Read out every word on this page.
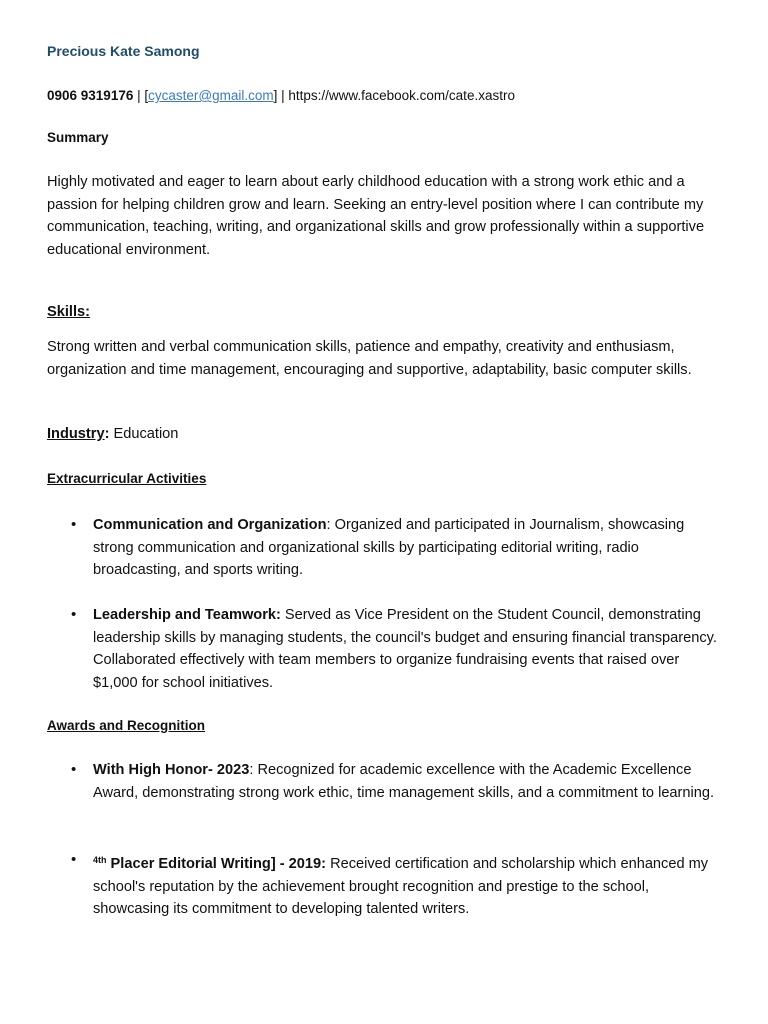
Precious Kate Samong
0906 9319176 | [cycaster@gmail.com] | https://www.facebook.com/cate.xastro
Summary

Highly motivated and eager to learn about early childhood education with a strong work ethic and a passion for helping children grow and learn. Seeking an entry-level position where I can contribute my communication, teaching, writing, and organizational skills and grow professionally within a supportive educational environment.

Skills:

Strong written and verbal communication skills, patience and empathy, creativity and enthusiasm, organization and time management, encouraging and supportive, adaptability, basic computer skills.

Industry: Education
Extracurricular Activities
• Communication and Organization: Organized and participated in Journalism, showcasing strong communication and organizational skills by participating editorial writing, radio broadcasting, and sports writing.

• Leadership and Teamwork: Served as Vice President on the Student Council, demonstrating leadership skills by managing students, the council's budget and ensuring financial transparency. Collaborated effectively with team members to organize fundraising events that raised over $1,000 for school initiatives.

Awards and Recognition
• With High Honor- 2023: Recognized for academic excellence with the Academic Excellence Award, demonstrating strong work ethic, time management skills, and a commitment to learning.

• $^{4th}$ Placer Editorial Writing] - 2019: Received certification and scholarship which enhanced my school's reputation by the achievement brought recognition and prestige to the school, showcasing its commitment to developing talented writers.
